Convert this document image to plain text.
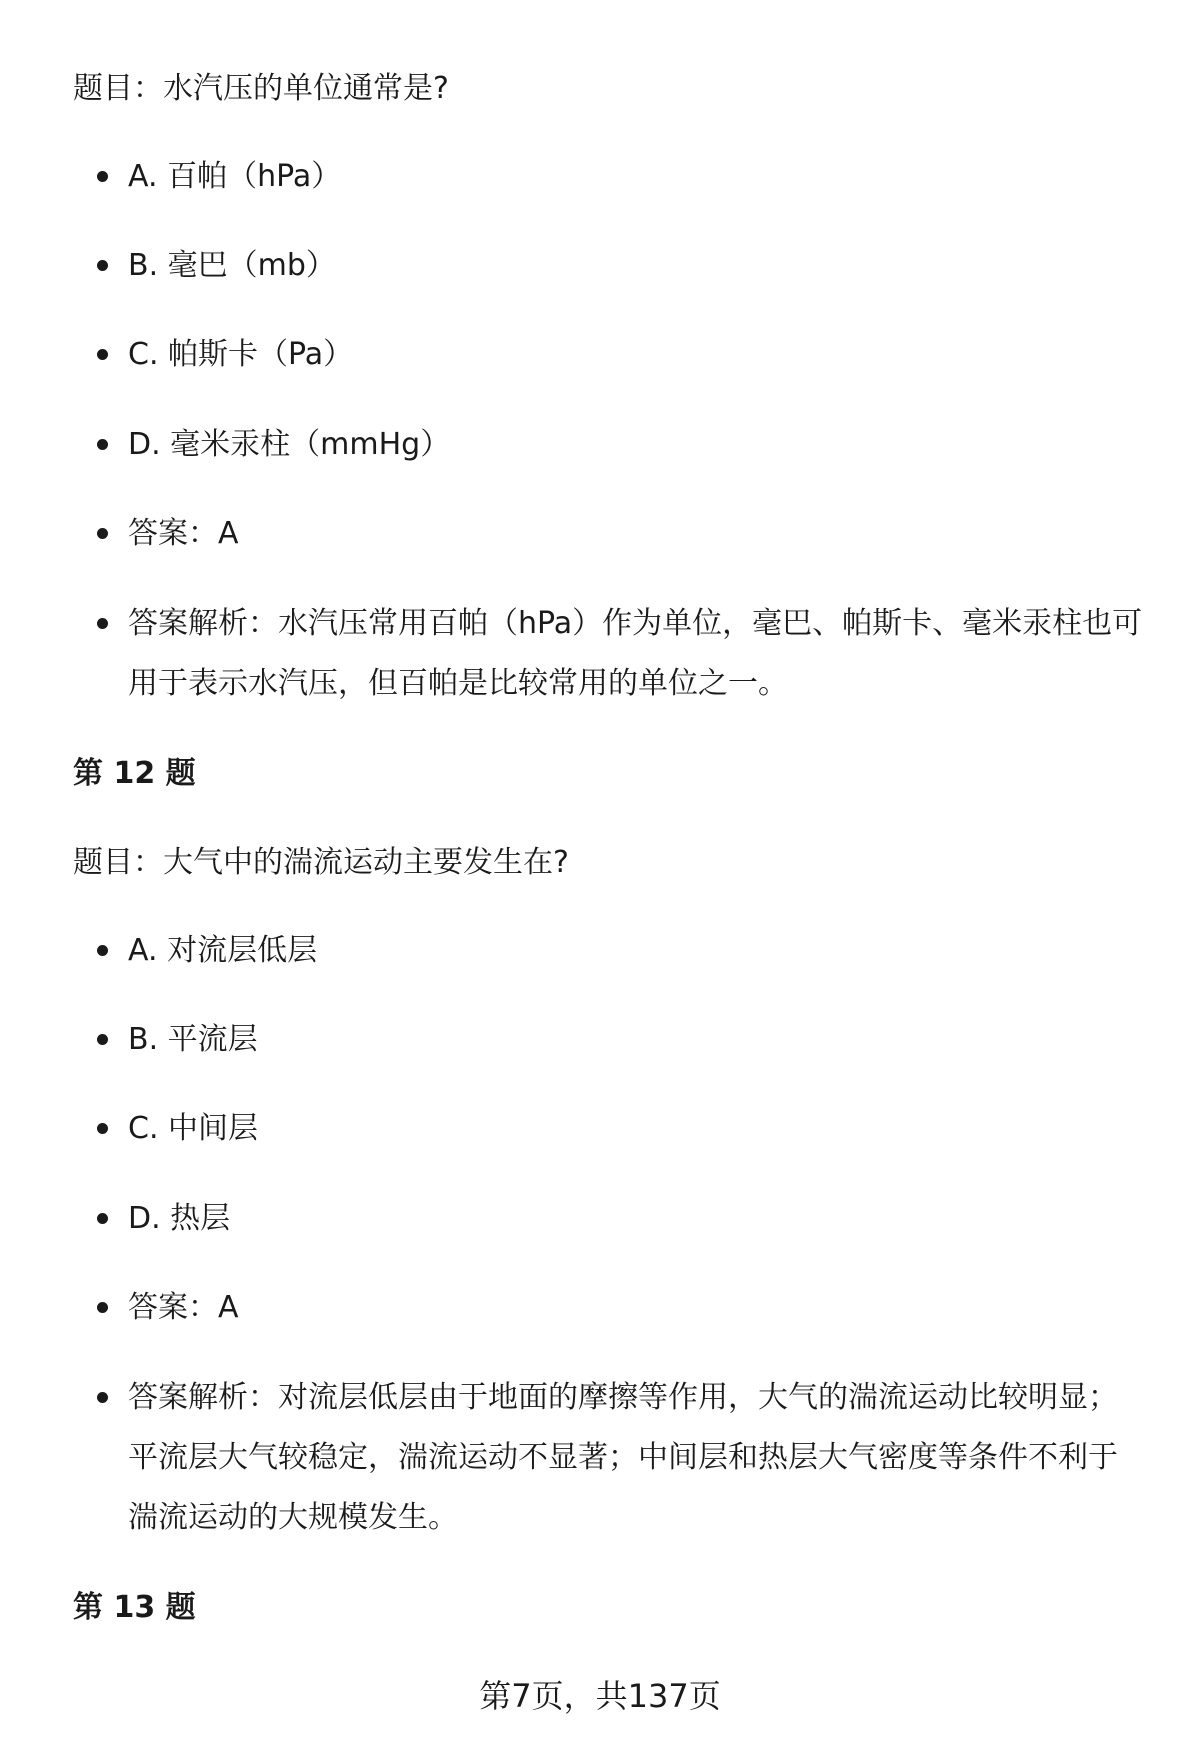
题目：水汽压的单位通常是?
A. 百帕（hPa）
B. 毫巴（mb）
C. 帕斯卡（Pa）
D. 毫米汞柱（mmHg）
答案：A
答案解析：水汽压常用百帕（hPa）作为单位，毫巴、帕斯卡、毫米汞柱也可用于表示水汽压，但百帕是比较常用的单位之一。
第 12 题
题目：大气中的湍流运动主要发生在?
A. 对流层低层
B. 平流层
C. 中间层
D. 热层
答案：A
答案解析：对流层低层由于地面的摩擦等作用，大气的湍流运动比较明显；平流层大气较稳定，湍流运动不显著；中间层和热层大气密度等条件不利于湍流运动的大规模发生。
第 13 题
第7页，共137页
